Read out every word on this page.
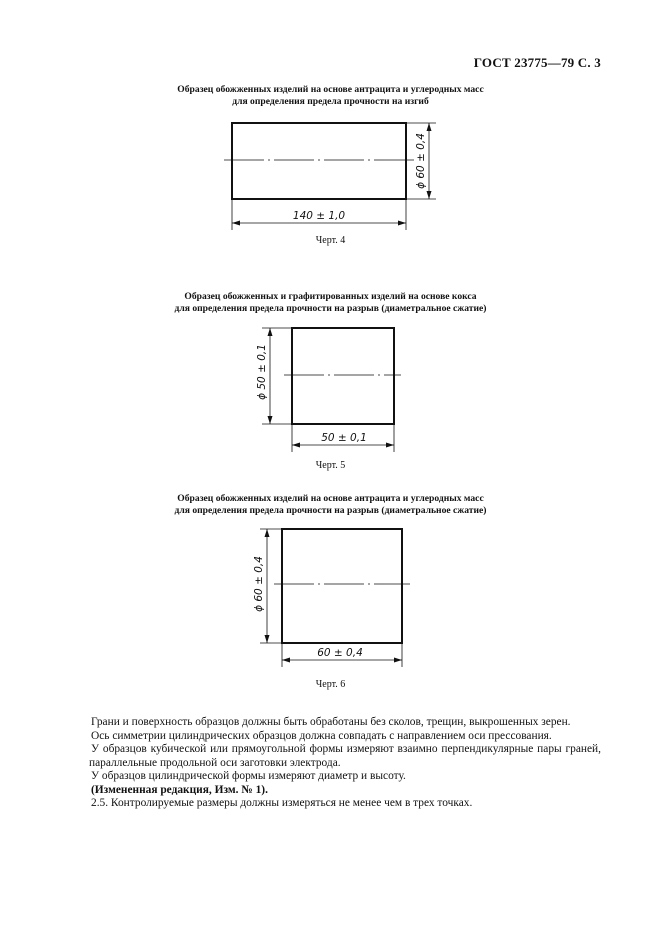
ГОСТ 23775—79 С. 3
Образец обожженных изделий на основе антрацита и углеродных масс
для определения предела прочности на изгиб
140 ± 1,0
ϕ 60 ± 0,4
Черт. 4
Образец обожженных и графитированных изделий на основе кокса
для определения предела прочности на разрыв (диаметральное сжатие)
50 ± 0,1
ϕ 50 ± 0,1
Черт. 5
Образец обожженных изделий на основе антрацита и углеродных масс
для определения предела прочности на разрыв (диаметральное сжатие)
60 ± 0,4
ϕ 60 ± 0,4
Черт. 6

Грани и поверхность образцов должны быть обработаны без сколов, трещин, выкрошенных зерен.

Ось симметрии цилиндрических образцов должна совпадать с направлением оси прессования.

У образцов кубической или прямоугольной формы измеряют взаимно перпендикулярные пары граней, параллельные продольной оси заготовки электрода.

У образцов цилиндрической формы измеряют диаметр и высоту.

(Измененная редакция, Изм. № 1).

2.5. Контролируемые размеры должны измеряться не менее чем в трех точках.
